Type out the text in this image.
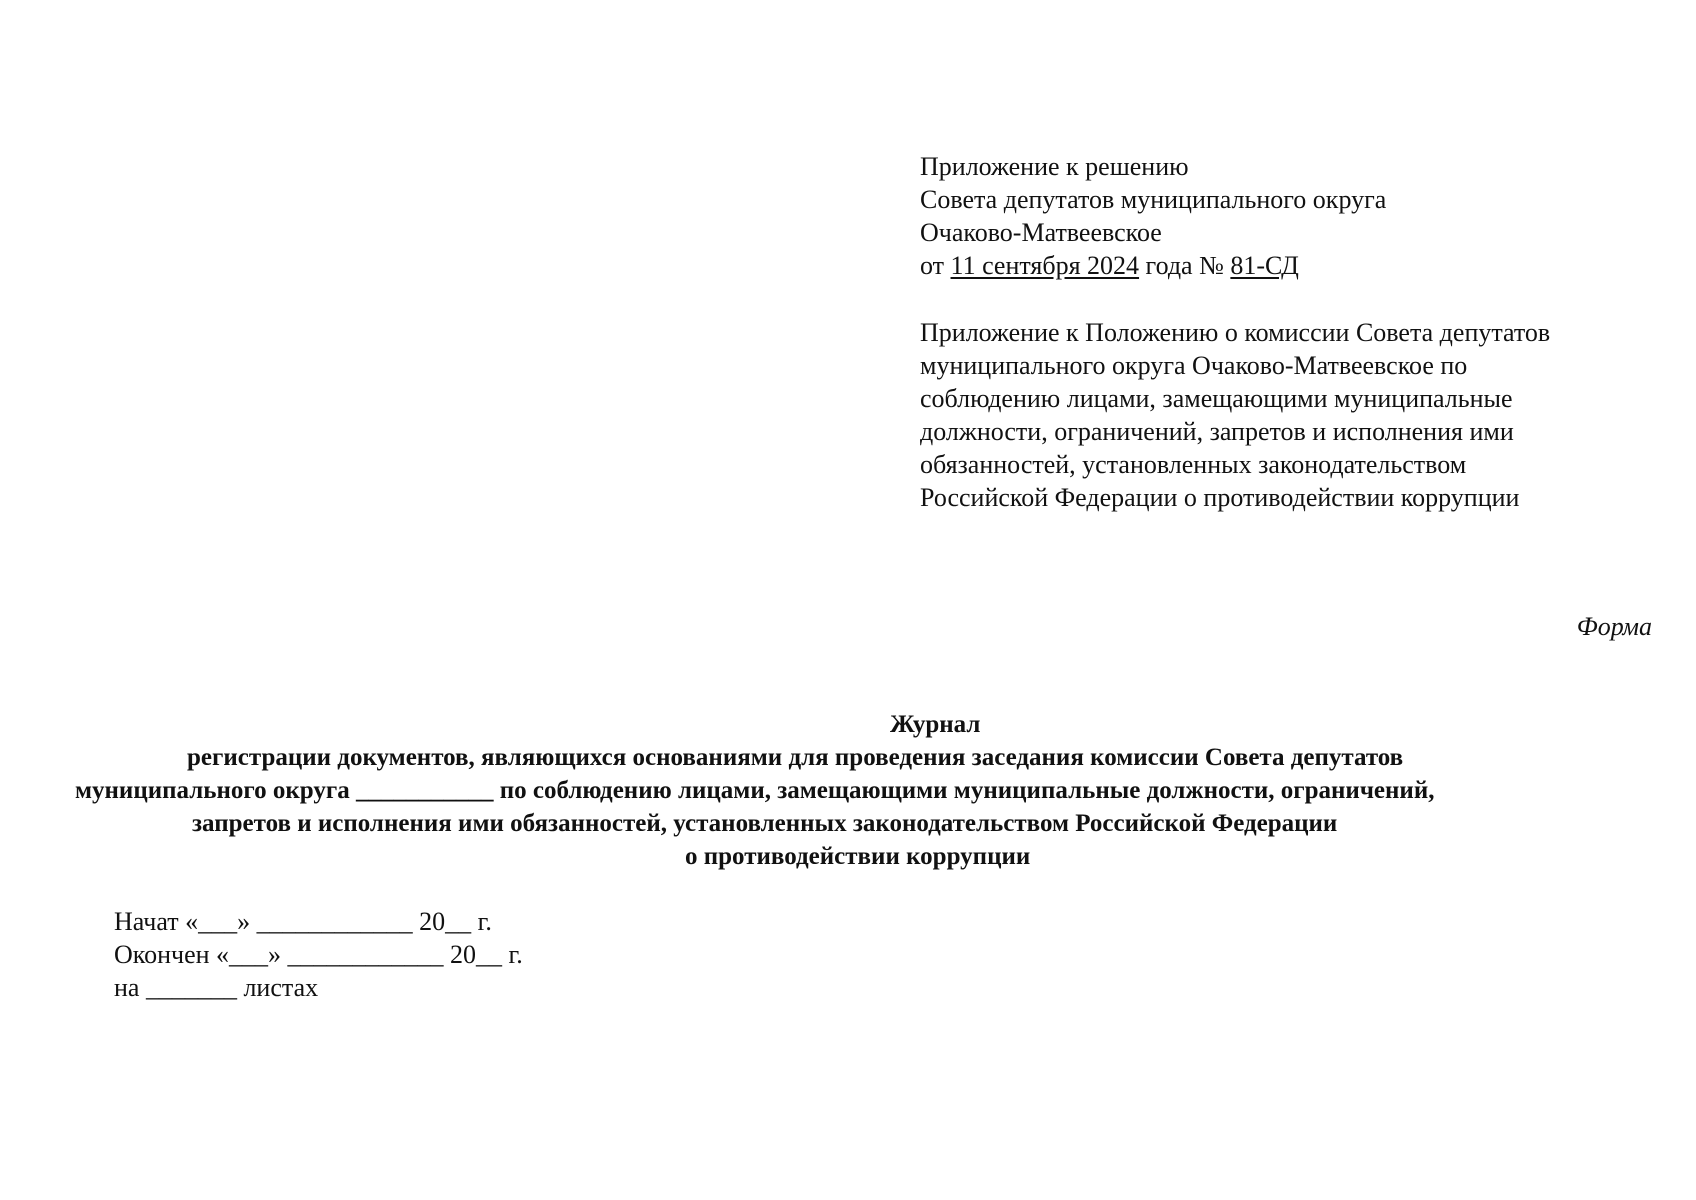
Приложение к решению
Совета депутатов муниципального округа
Очаково-Матвеевское
от 11 сентября 2024 года № 81-СД
Приложение к Положению о комиссии Совета депутатов
муниципального округа Очаково-Матвеевское по
соблюдению лицами, замещающими муниципальные
должности, ограничений, запретов и исполнения ими
обязанностей, установленных законодательством
Российской Федерации о противодействии коррупции
Форма
Журнал
регистрации документов, являющихся основаниями для проведения заседания комиссии Совета депутатов
муниципального округа ___________ по соблюдению лицами, замещающими муниципальные должности, ограничений,
запретов и исполнения ими обязанностей, установленных законодательством Российской Федерации
о противодействии коррупции
Начат «___» ____________ 20__ г.
Окончен «___» ____________ 20__ г.
на _______ листах
